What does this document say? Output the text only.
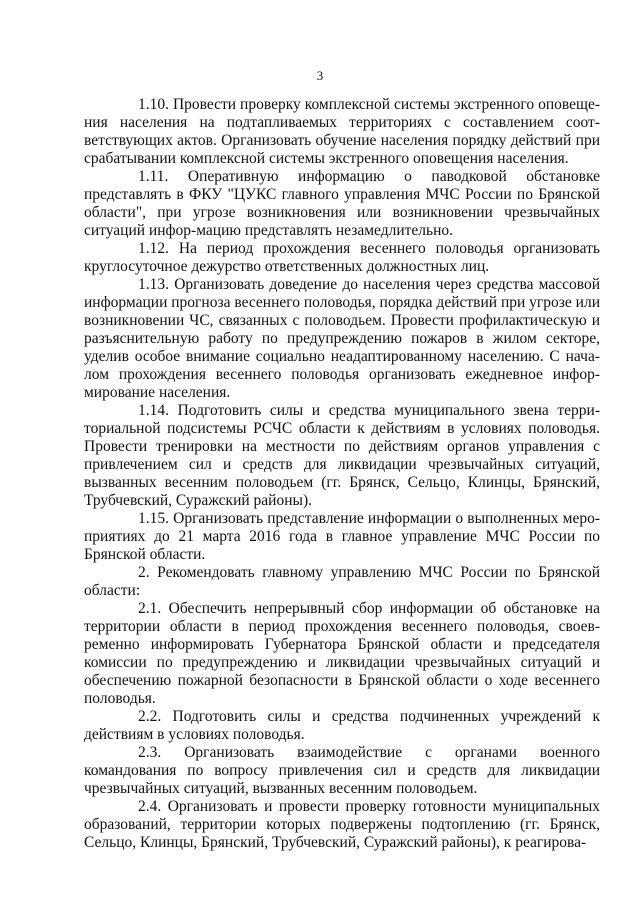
3

1.10. Провести проверку комплексной системы экстренного оповеще-ния населения на подтапливаемых территориях с составлением соот-ветствующих актов. Организовать обучение населения порядку действий при срабатывании комплексной системы экстренного оповещения населения.

1.11. Оперативную информацию о паводковой обстановке представлять в ФКУ "ЦУКС главного управления МЧС России по Брянской области", при угрозе возникновения или возникновении чрезвычайных ситуаций инфор-мацию представлять незамедлительно.

1.12. На период прохождения весеннего половодья организовать круглосуточное дежурство ответственных должностных лиц.

1.13. Организовать доведение до населения через средства массовой информации прогноза весеннего половодья, порядка действий при угрозе или возникновении ЧС, связанных с половодьем. Провести профилактическую и разъяснительную работу по предупреждению пожаров в жилом секторе, уделив особое внимание социально неадаптированному населению. С нача-лом прохождения весеннего половодья организовать ежедневное инфор-мирование населения.

1.14. Подготовить силы и средства муниципального звена терри-ториальной подсистемы РСЧС области к действиям в условиях половодья. Провести тренировки на местности по действиям органов управления с привлечением сил и средств для ликвидации чрезвычайных ситуаций, вызванных весенним половодьем (гг. Брянск, Сельцо, Клинцы, Брянский, Трубчевский, Суражский районы).

1.15. Организовать представление информации о выполненных меро-приятиях до 21 марта 2016 года в главное управление МЧС России по Брянской области.

2. Рекомендовать главному управлению МЧС России по Брянской области:

2.1. Обеспечить непрерывный сбор информации об обстановке на территории области в период прохождения весеннего половодья, своев-ременно информировать Губернатора Брянской области и председателя комиссии по предупреждению и ликвидации чрезвычайных ситуаций и обеспечению пожарной безопасности в Брянской области о ходе весеннего половодья.

2.2. Подготовить силы и средства подчиненных учреждений к действиям в условиях половодья.

2.3. Организовать взаимодействие с органами военного командования по вопросу привлечения сил и средств для ликвидации чрезвычайных ситуаций, вызванных весенним половодьем.

2.4. Организовать и провести проверку готовности муниципальных образований, территории которых подвержены подтоплению (гг. Брянск, Сельцо, Клинцы, Брянский, Трубчевский, Суражский районы), к реагирова-
